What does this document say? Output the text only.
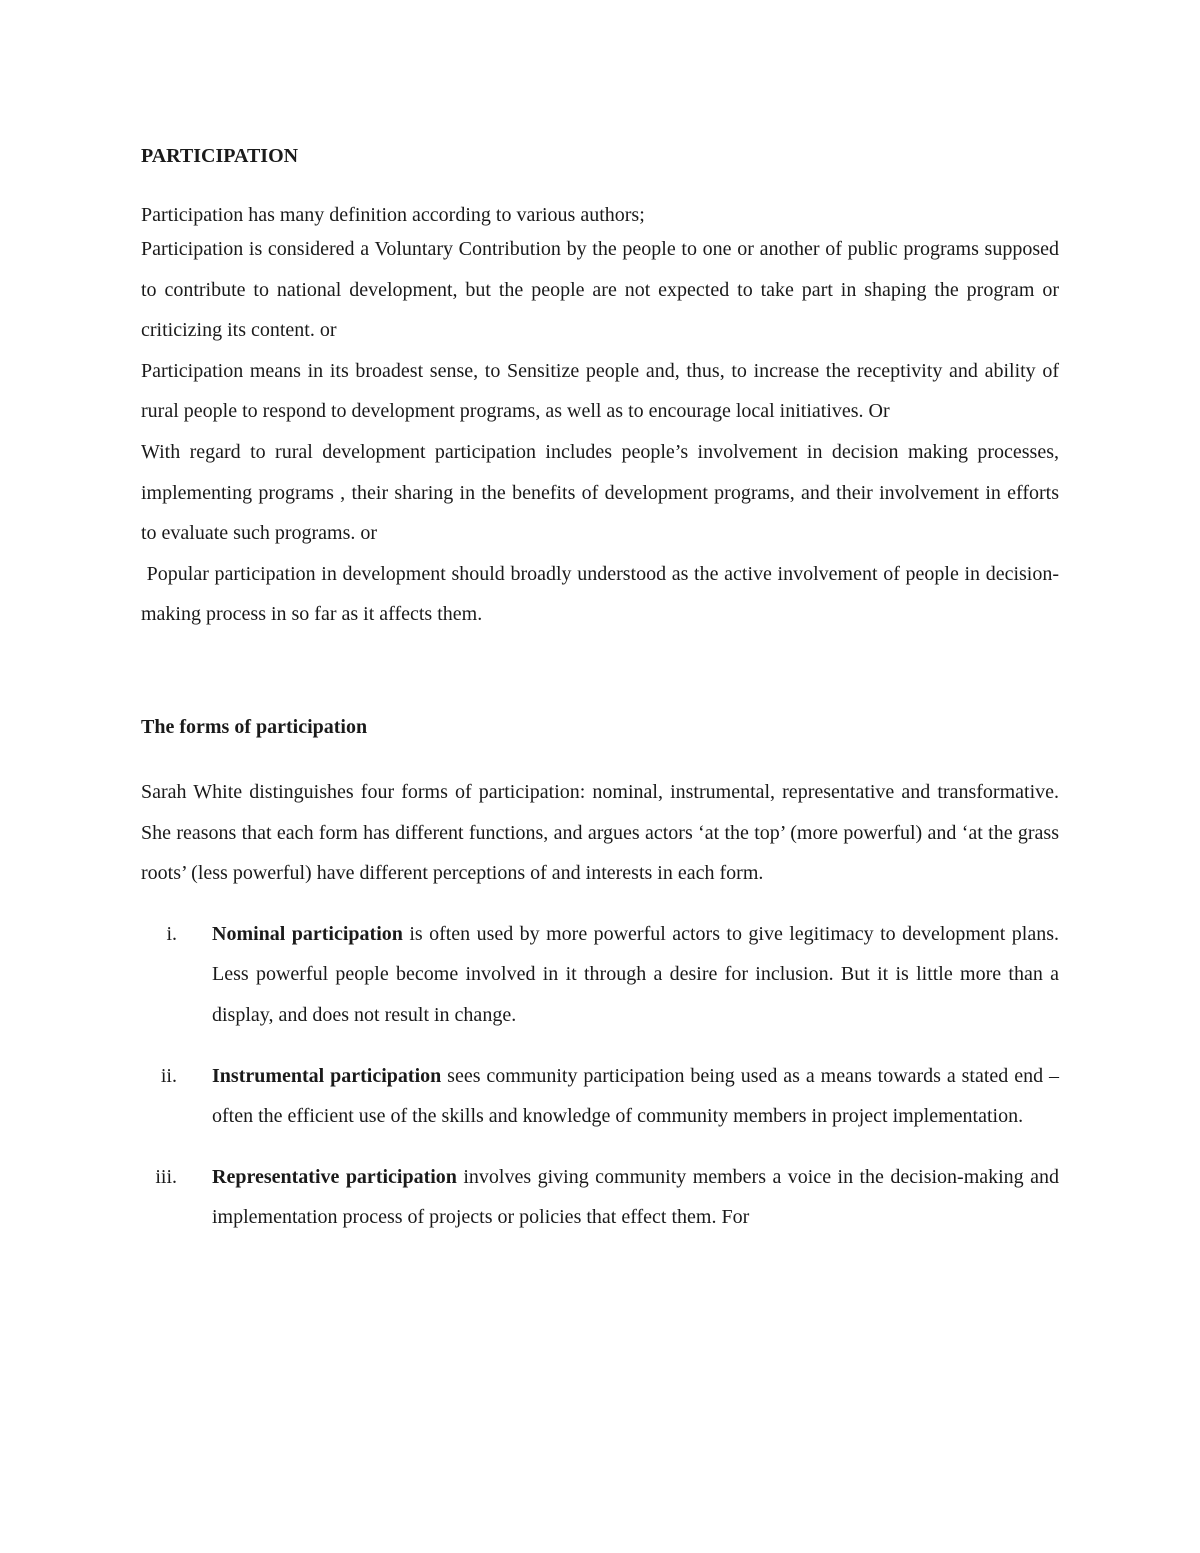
PARTICIPATION

Participation has many definition according to various authors;

Participation is considered a Voluntary Contribution by the people to one or another of public programs supposed to contribute to national development, but the people are not expected to take part in shaping the program or criticizing its content. or

Participation means in its broadest sense, to Sensitize people and, thus, to increase the receptivity and ability of rural people to respond to development programs, as well as to encourage local initiatives. Or

With regard to rural development participation includes people’s involvement in decision making processes, implementing programs , their sharing in the benefits of development programs, and their involvement in efforts to evaluate such programs. or

Popular participation in development should broadly understood as the active involvement of people in decision-making process in so far as it affects them.

The forms of participation

Sarah White distinguishes four forms of participation: nominal, instrumental, representative and transformative. She reasons that each form has different functions, and argues actors ‘at the top’ (more powerful) and ‘at the grass roots’ (less powerful) have different perceptions of and interests in each form.

i. Nominal participation is often used by more powerful actors to give legitimacy to development plans. Less powerful people become involved in it through a desire for inclusion. But it is little more than a display, and does not result in change.
ii. Instrumental participation sees community participation being used as a means towards a stated end – often the efficient use of the skills and knowledge of community members in project implementation.
iii. Representative participation involves giving community members a voice in the decision-making and implementation process of projects or policies that effect them. For
